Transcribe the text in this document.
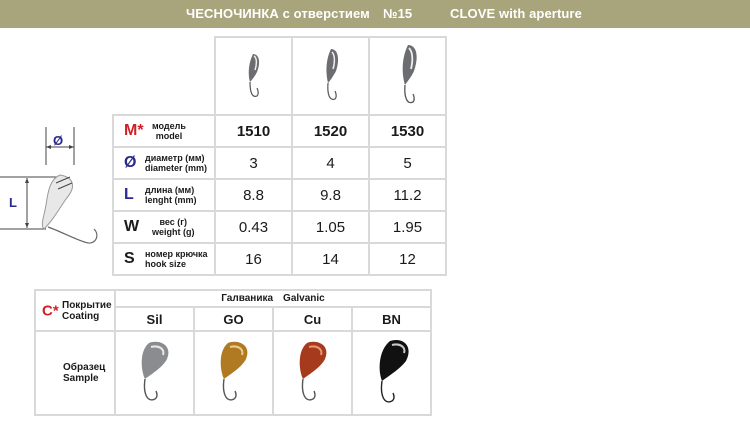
ЧЕСНОЧИНКА с отверстием №15	CLOVE with aperture
Ø
L

M* модель
model	1510	1520	1530

Ø диаметр (мм)
diameter (mm)	3	4	5

L длина (мм)
lenght (mm)	8.8	9.8	11.2

W вес (г)
weight (g)	0.43	1.05	1.95

S номер крючка
hook size	16	14	12
C* Покрытие
Coating	Галваника Galvanic			
	Sil	GO	Cu	BN

Образец
Sample
